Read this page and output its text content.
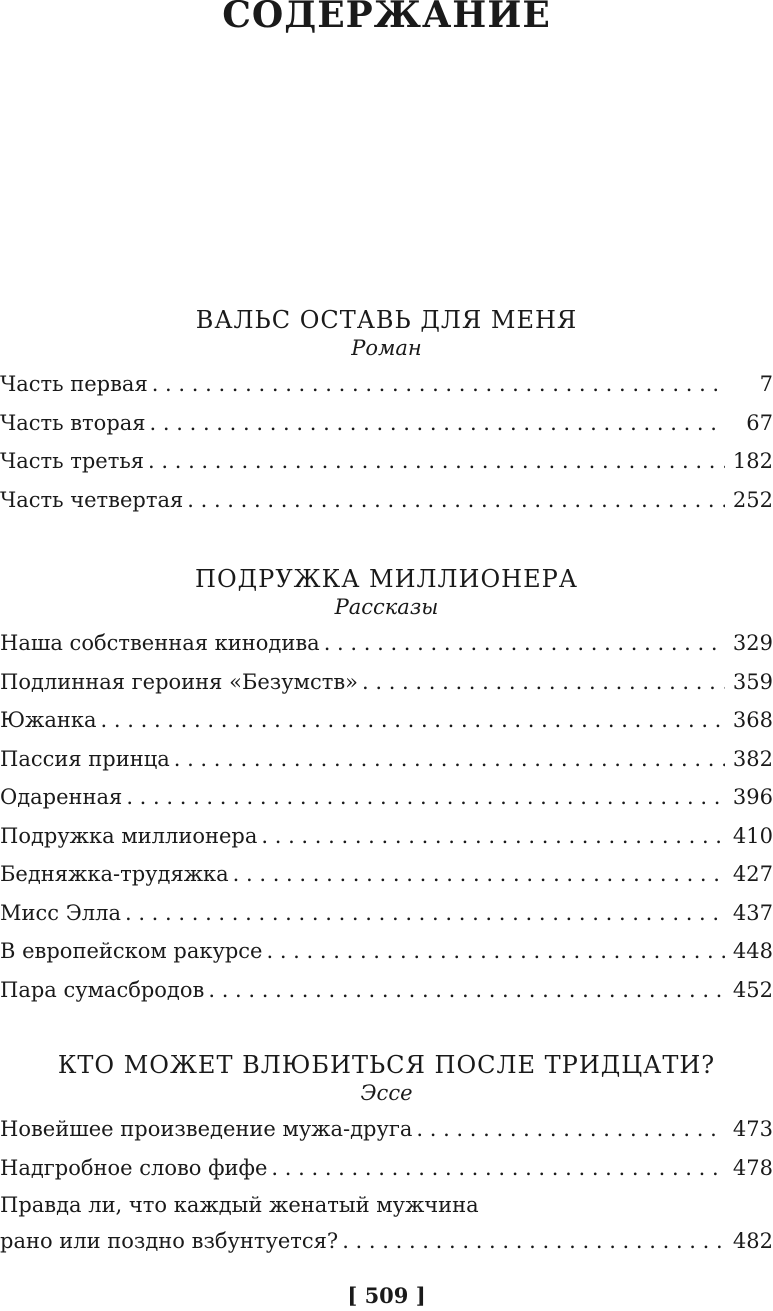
СОДЕРЖАНИЕ
ВАЛЬС ОСТАВЬ ДЛЯ МЕНЯ
Роман
Часть первая . . .	7
Часть вторая . . .	67
Часть третья . . .	182
Часть четвертая . . .	252
ПОДРУЖКА МИЛЛИОНЕРА
Рассказы
Наша собственная кинодива . . .	329
Подлинная героиня «Безумств» . . .	359
Южанка . . .	368
Пассия принца . . .	382
Одаренная . . .	396
Подружка миллионера . . .	410
Бедняжка-трудяжка . . .	427
Мисс Элла . . .	437
В европейском ракурсе . . .	448
Пара сумасбродов . . .	452
КТО МОЖЕТ ВЛЮБИТЬСЯ ПОСЛЕ ТРИДЦАТИ?
Эссе
Новейшее произведение мужа-друга . . .	473
Надгробное слово фифе . . .	478
Правда ли, что каждый женатый мужчина
рано или поздно взбунтуется? . . .	482
[ 509 ]
